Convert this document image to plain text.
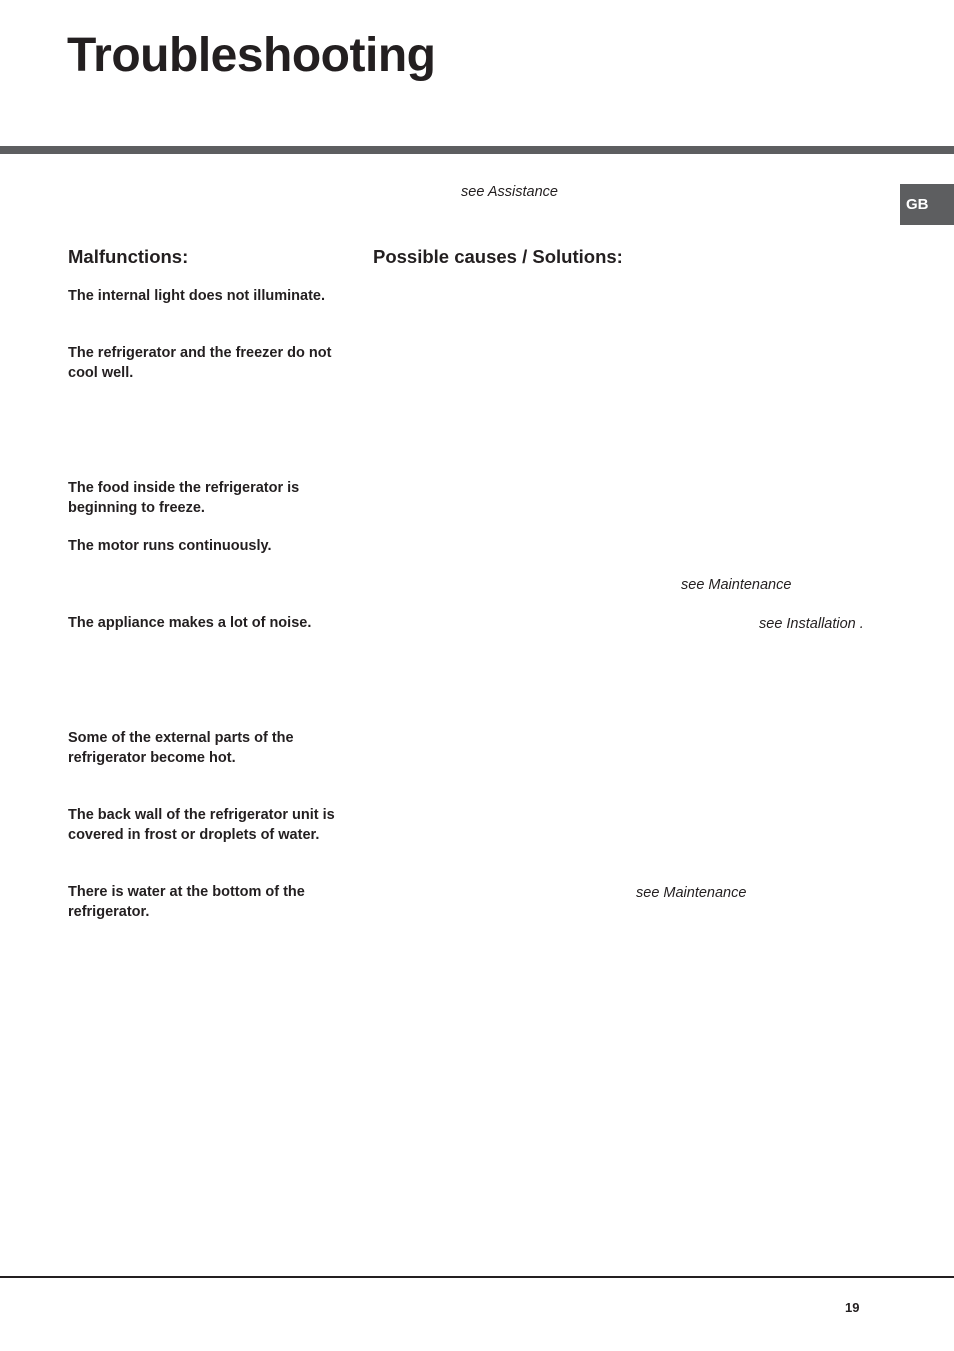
Troubleshooting
GB
see Assistance
Malfunctions:	Possible causes / Solutions:
The internal light does not illuminate.
The refrigerator and the freezer do not cool well.
The food inside the refrigerator is beginning to freeze.
The motor runs continuously.
see Maintenance
The appliance makes a lot of noise.	see Installation .
Some of the external parts of the refrigerator become hot.
The back wall of the refrigerator unit is covered in frost or droplets of water.
There is water at the bottom of the refrigerator.
see Maintenance
19
